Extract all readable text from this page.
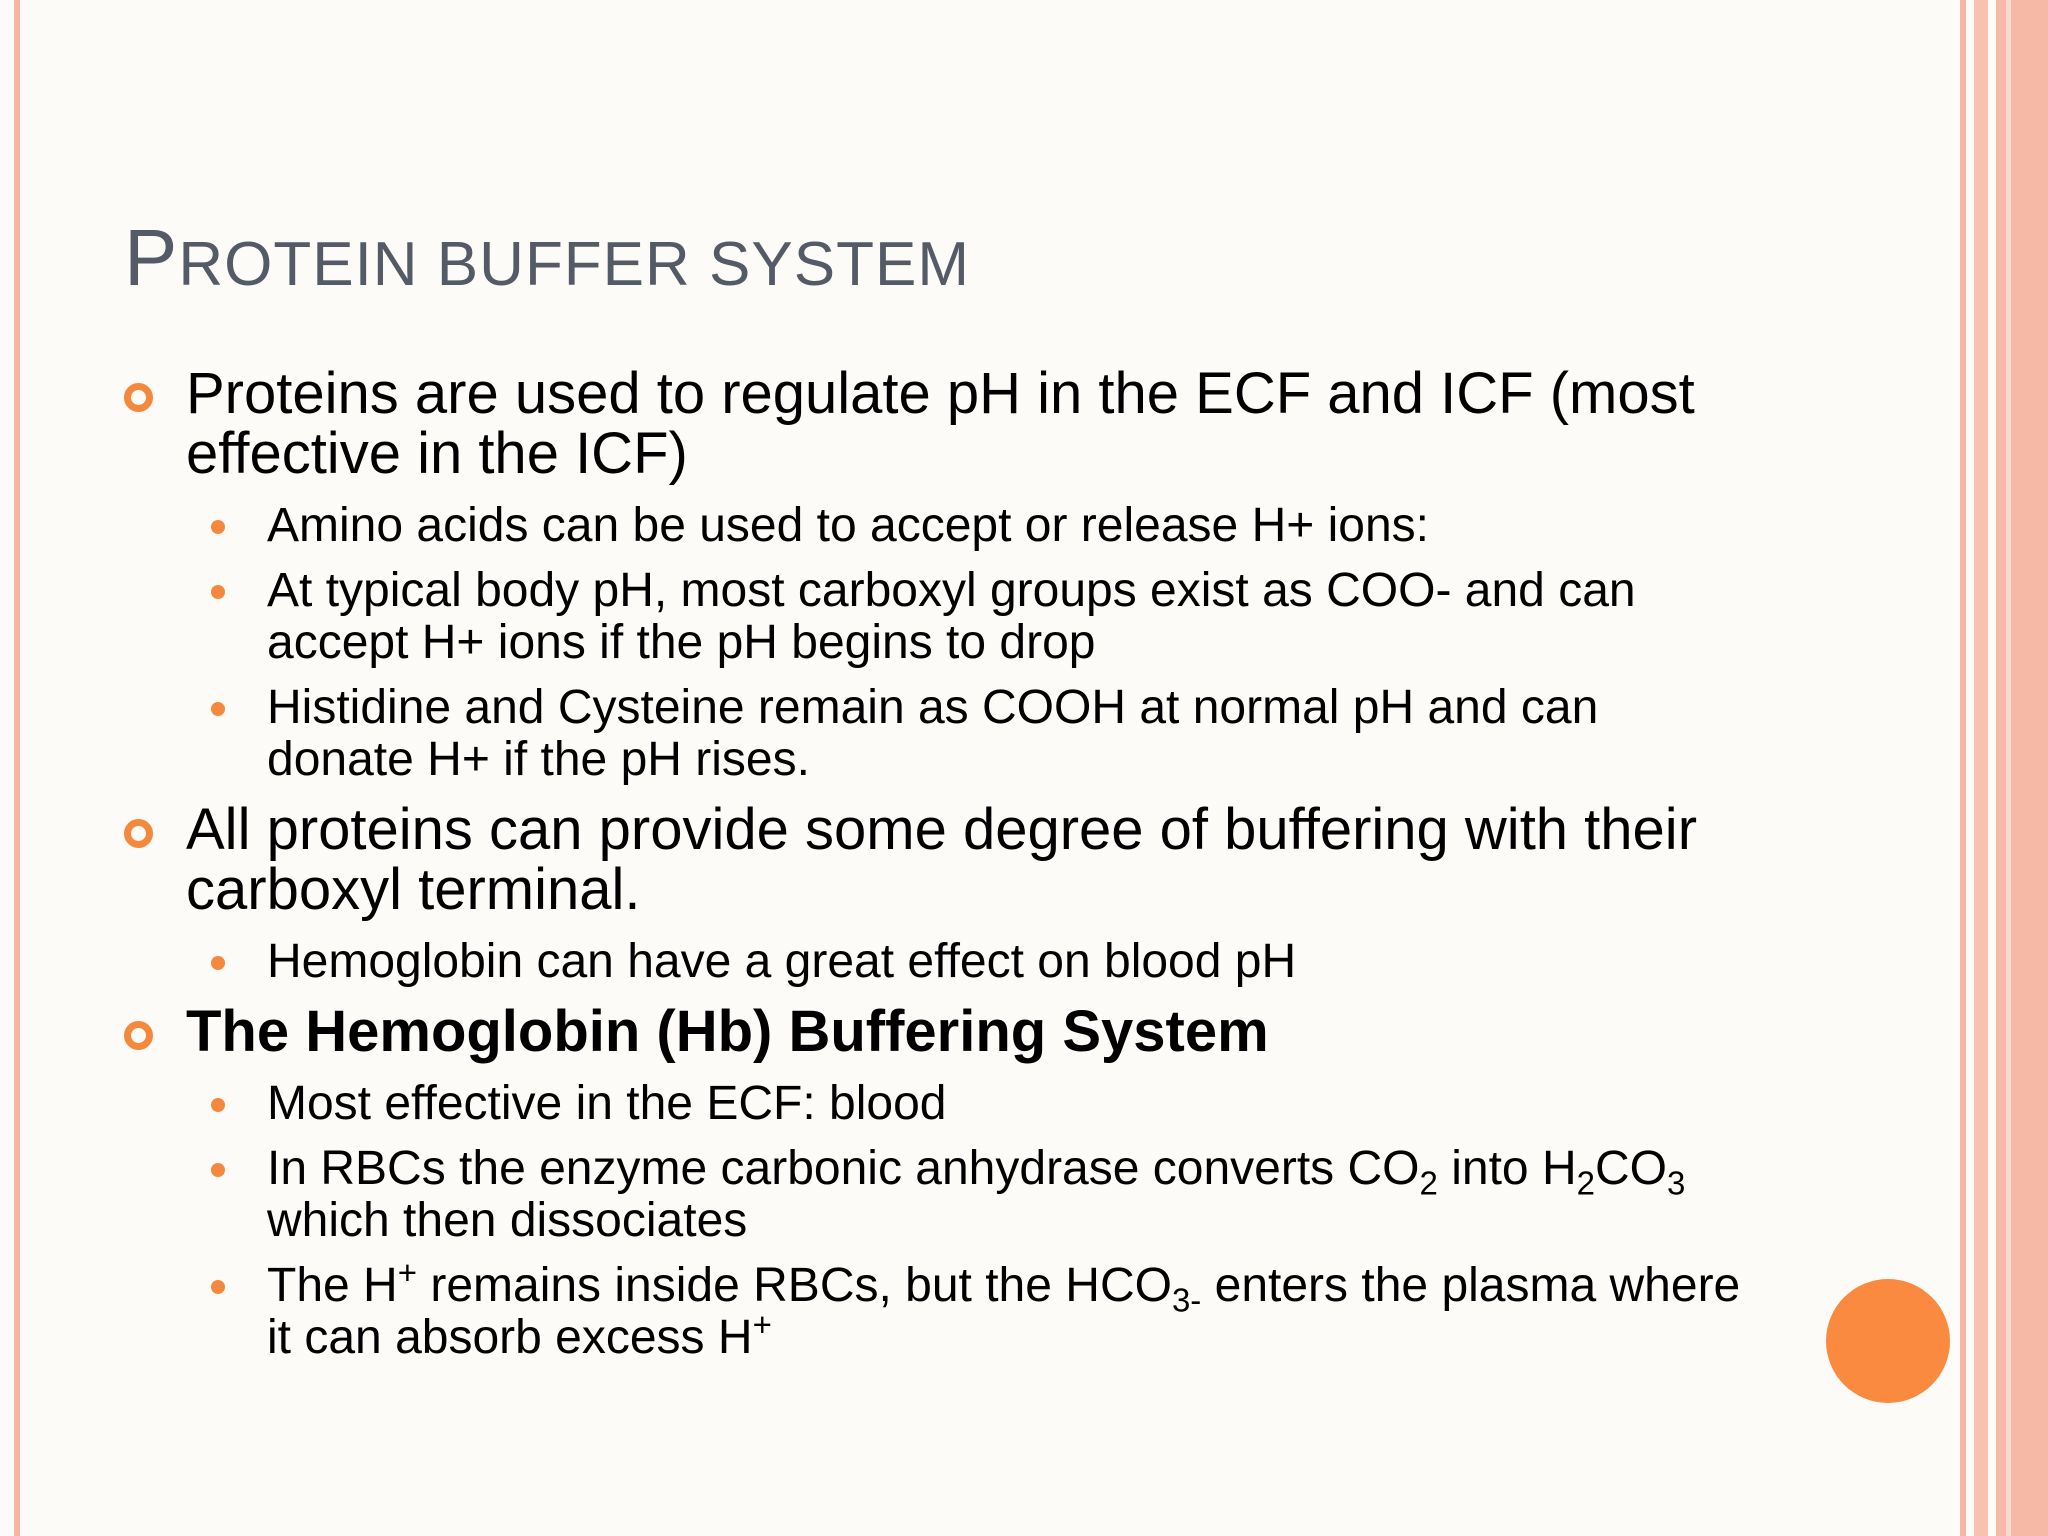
PROTEIN BUFFER SYSTEM
Proteins are used to regulate pH in the ECF and ICF (most effective in the ICF)
Amino acids can be used to accept or release H+ ions:
At typical body pH, most carboxyl groups exist as COO- and can accept H+ ions if the pH begins to drop
Histidine and Cysteine remain as COOH at normal pH and can donate H+ if the pH rises.
All proteins can provide some degree of buffering with their carboxyl terminal.
Hemoglobin can have a great effect on blood pH
The Hemoglobin (Hb) Buffering System
Most effective in the ECF: blood
In RBCs the enzyme carbonic anhydrase converts $CO_2$ into $H_2CO_3$ which then dissociates
The H+ remains inside RBCs, but the $HCO_{3-}$ enters the plasma where it can absorb excess H+
